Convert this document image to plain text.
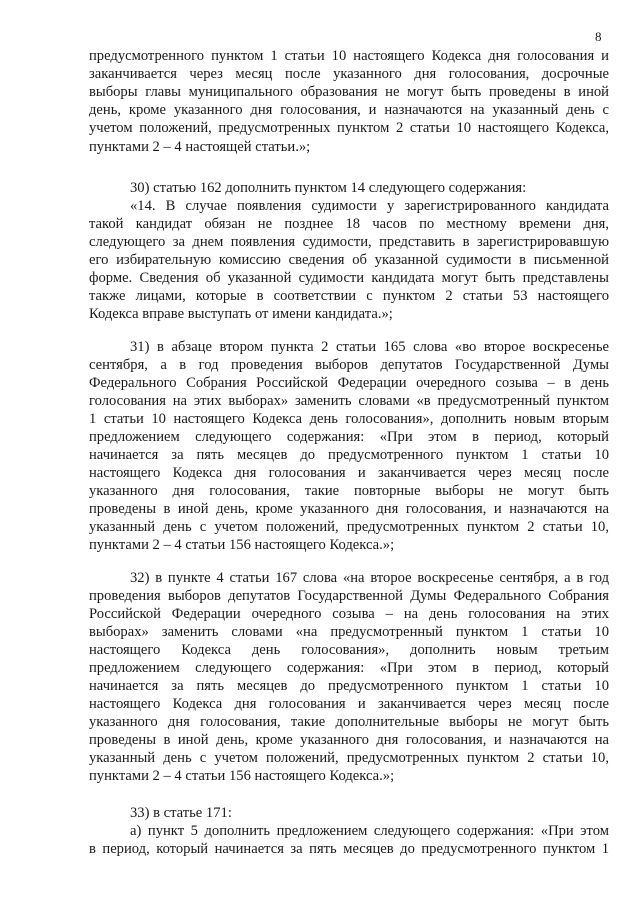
8
предусмотренного пунктом 1 статьи 10 настоящего Кодекса дня голосования и
заканчивается через месяц после указанного дня голосования, досрочные
выборы главы муниципального образования не могут быть проведены в иной
день, кроме указанного дня голосования, и назначаются на указанный день с
учетом положений, предусмотренных пунктом 2 статьи 10 настоящего Кодекса,
пунктами 2 – 4 настоящей статьи.»;
30) статью 162 дополнить пунктом 14 следующего содержания:
«14. В случае появления судимости у зарегистрированного кандидата
такой кандидат обязан не позднее 18 часов по местному времени дня,
следующего за днем появления судимости, представить в зарегистрировавшую
его избирательную комиссию сведения об указанной судимости в письменной
форме. Сведения об указанной судимости кандидата могут быть представлены
также лицами, которые в соответствии с пунктом 2 статьи 53 настоящего
Кодекса вправе выступать от имени кандидата.»;
31) в абзаце втором пункта 2 статьи 165 слова «во второе воскресенье
сентября, а в год проведения выборов депутатов Государственной Думы
Федерального Собрания Российской Федерации очередного созыва – в день
голосования на этих выборах» заменить словами «в предусмотренный пунктом
1 статьи 10 настоящего Кодекса день голосования», дополнить новым вторым
предложением следующего содержания: «При этом в период, который
начинается за пять месяцев до предусмотренного пунктом 1 статьи 10
настоящего Кодекса дня голосования и заканчивается через месяц после
указанного дня голосования, такие повторные выборы не могут быть
проведены в иной день, кроме указанного дня голосования, и назначаются на
указанный день с учетом положений, предусмотренных пунктом 2 статьи 10,
пунктами 2 – 4 статьи 156 настоящего Кодекса.»;
32) в пункте 4 статьи 167 слова «на второе воскресенье сентября, а в год
проведения выборов депутатов Государственной Думы Федерального Собрания
Российской Федерации очередного созыва – на день голосования на этих
выборах» заменить словами «на предусмотренный пунктом 1 статьи 10
настоящего Кодекса день голосования», дополнить новым третьим
предложением следующего содержания: «При этом в период, который
начинается за пять месяцев до предусмотренного пунктом 1 статьи 10
настоящего Кодекса дня голосования и заканчивается через месяц после
указанного дня голосования, такие дополнительные выборы не могут быть
проведены в иной день, кроме указанного дня голосования, и назначаются на
указанный день с учетом положений, предусмотренных пунктом 2 статьи 10,
пунктами 2 – 4 статьи 156 настоящего Кодекса.»;
33) в статье 171:
а) пункт 5 дополнить предложением следующего содержания: «При этом
в период, который начинается за пять месяцев до предусмотренного пунктом 1
